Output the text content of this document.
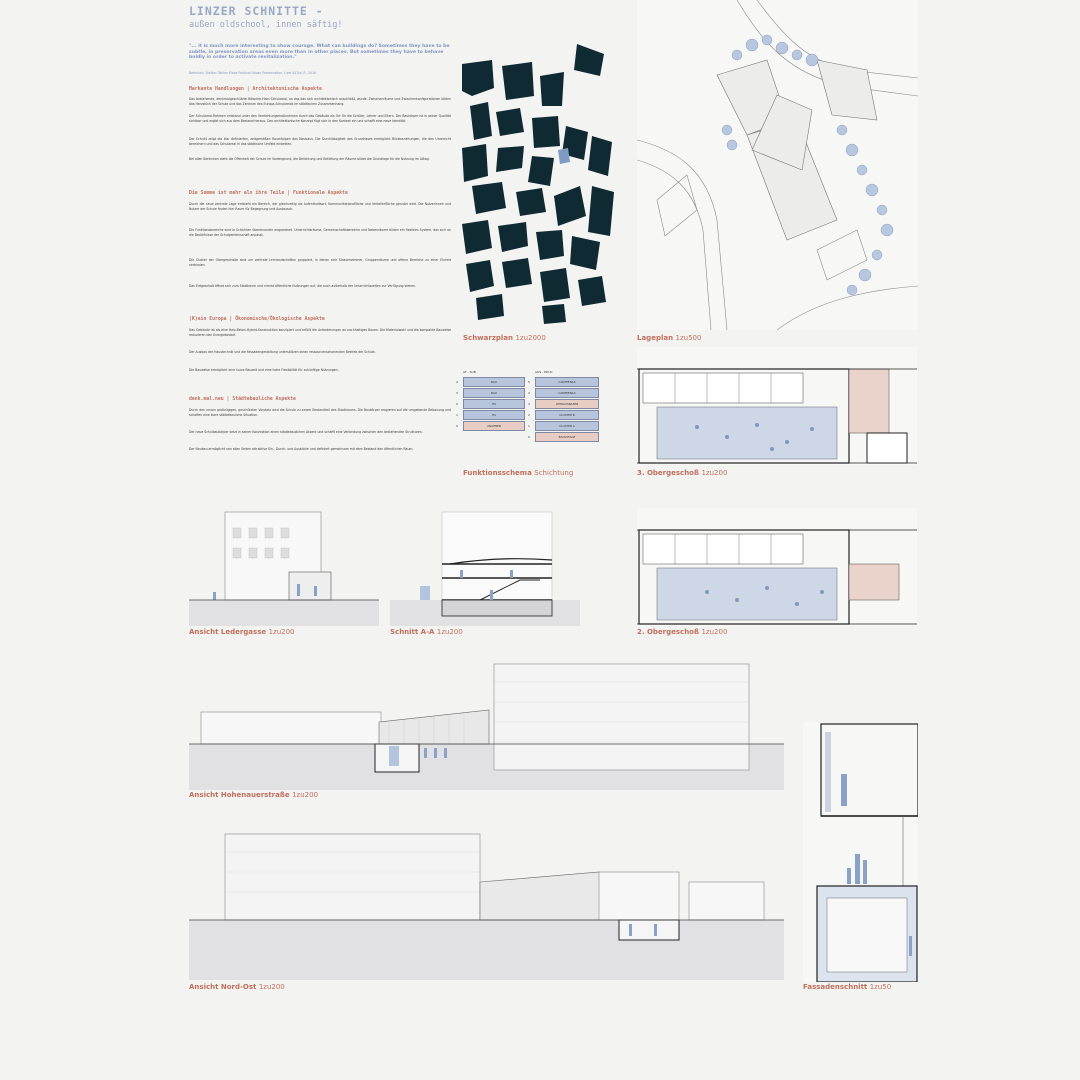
LINZER SCHNITTE -
außen oldschool, innen säftig!
"... it is much more interesting to show courage. What can buildings do? Sometimes they have to be subtle, in preservation areas even more than in other places. But sometimes they have to behave boldly in order to activate revitalization."
Behnisch, Stefan: Tallinn Place Festival Urban Preservation, Lied 447(a) P., 2016
Markante Handlungen | Architektonische Aspekte
Das bestehende, denkmalgeschützte Hölscher-Ham Schulareal, an das das sich architektonisch anschließt, wurde. Zwischenräume und Zwischenkonfigurationen bilden das Herzstück der Schule und das Zentrum des Europa-Schulareals im städtischen Zusammenhang.
Der Schulareal-Rahmen entstand unter den Verdichtungsmaßnahmen durch das Gebäude als Ort für die Schüler, Lehrer und Eltern. Der Baukörper ist in seiner Qualität sichtbar und ergibt sich aus dem Bestand heraus. Das architektonische Konzept fügt sich in den Kontext ein und schafft eine neue Identität.
Der Schnitt zeigt die klar definierten, zeitgemäßen Raumfolgen des Neubaus. Die Durchlässigkeit des Grundrisses ermöglicht Blickbeziehungen, die den Unterricht bereichern und das Schulareal in das städtische Umfeld einbetten.
Bei allen Bereichen steht die Offenheit der Schule im Vordergrund, die Belichtung und Belüftung der Räume bildet die Grundlage für die Nutzung im Alltag.
Die Summe ist mehr als ihre Teile | Funktionale Aspekte
Durch die neue zentrale Lage entsteht ein Bereich, der gleichzeitig als Aufenthaltsort, Kommunikationsfläche und Verteilerfläche genutzt wird. Die Nutzerinnen und Nutzer der Schule finden hier Raum für Begegnung und Austausch.
Die Funktionsbereiche sind in Schichten übereinander angeordnet. Unterrichtsräume, Gemeinschaftsbereiche und Nebenräume bilden ein flexibles System, das sich an die Bedürfnisse der Schulgemeinschaft anpasst.
Die Cluster der Obergeschoße sind um zentrale Lernlandschaften gruppiert, in denen sich Klassenzimmer, Gruppenräume und offene Bereiche zu einer Einheit verbinden.
Das Erdgeschoß öffnet sich zum Stadtraum und nimmt öffentliche Nutzungen auf, die auch außerhalb der Unterrichtszeiten zur Verfügung stehen.
(K)ein Europa | Ökonomische/Ökologische Aspekte
Das Gebäude ist als eine Holz-Beton-Hybrid-Konstruktion konzipiert und erfüllt die Anforderungen an nachhaltiges Bauen. Die Materialwahl und die kompakte Bauweise reduzieren den Energiebedarf.
Der Ausbau der Haustechnik und die Fassadengestaltung unterstützen einen ressourcenschonenden Betrieb der Schule.
Die Bauweise ermöglicht eine kurze Bauzeit und eine hohe Flexibilität für zukünftige Nutzungen.
denk.mal.neu | Städtebauliche Aspekte
Durch den neuen großzügigen, geschützten Vorplatz wird die Schule zu einem Bestandteil des Stadtraums. Die Baukörper reagieren auf die umgebende Bebauung und schaffen eine klare städtebauliche Situation.
Der neue Schulbaukörper setzt in seiner Konzeption einen städtebaulichen Akzent und schafft eine Verbindung zwischen den bestehenden Strukturen.
Der Neubau ermöglicht von allen Seiten attraktive Ein-, Durch- und Ausblicke und definiert gemeinsam mit dem Bestand den öffentlichen Raum.
Schwarzplan 1zu2000	Lageplan 1zu500
AT - SUB
4	BAU
3	BAU
2	HS
1	HS
0	ANGEBEN
AUS - EDUC
5	CANTEENAS
4	CANTEENAS
3	LEHRAUSBASEN
2	CLUSTER B
1	CLUSTER A
0	BACKSTAGE
Funktionsschema Schichtung	3. Obergeschoß 1zu200
Ansicht Ledergasse 1zu200	Schnitt A-A 1zu200	2. Obergeschoß 1zu200
Ansicht Hohenauerstraße 1zu200
Ansicht Nord-Ost 1zu200	Fassadenschnitt 1zu50
